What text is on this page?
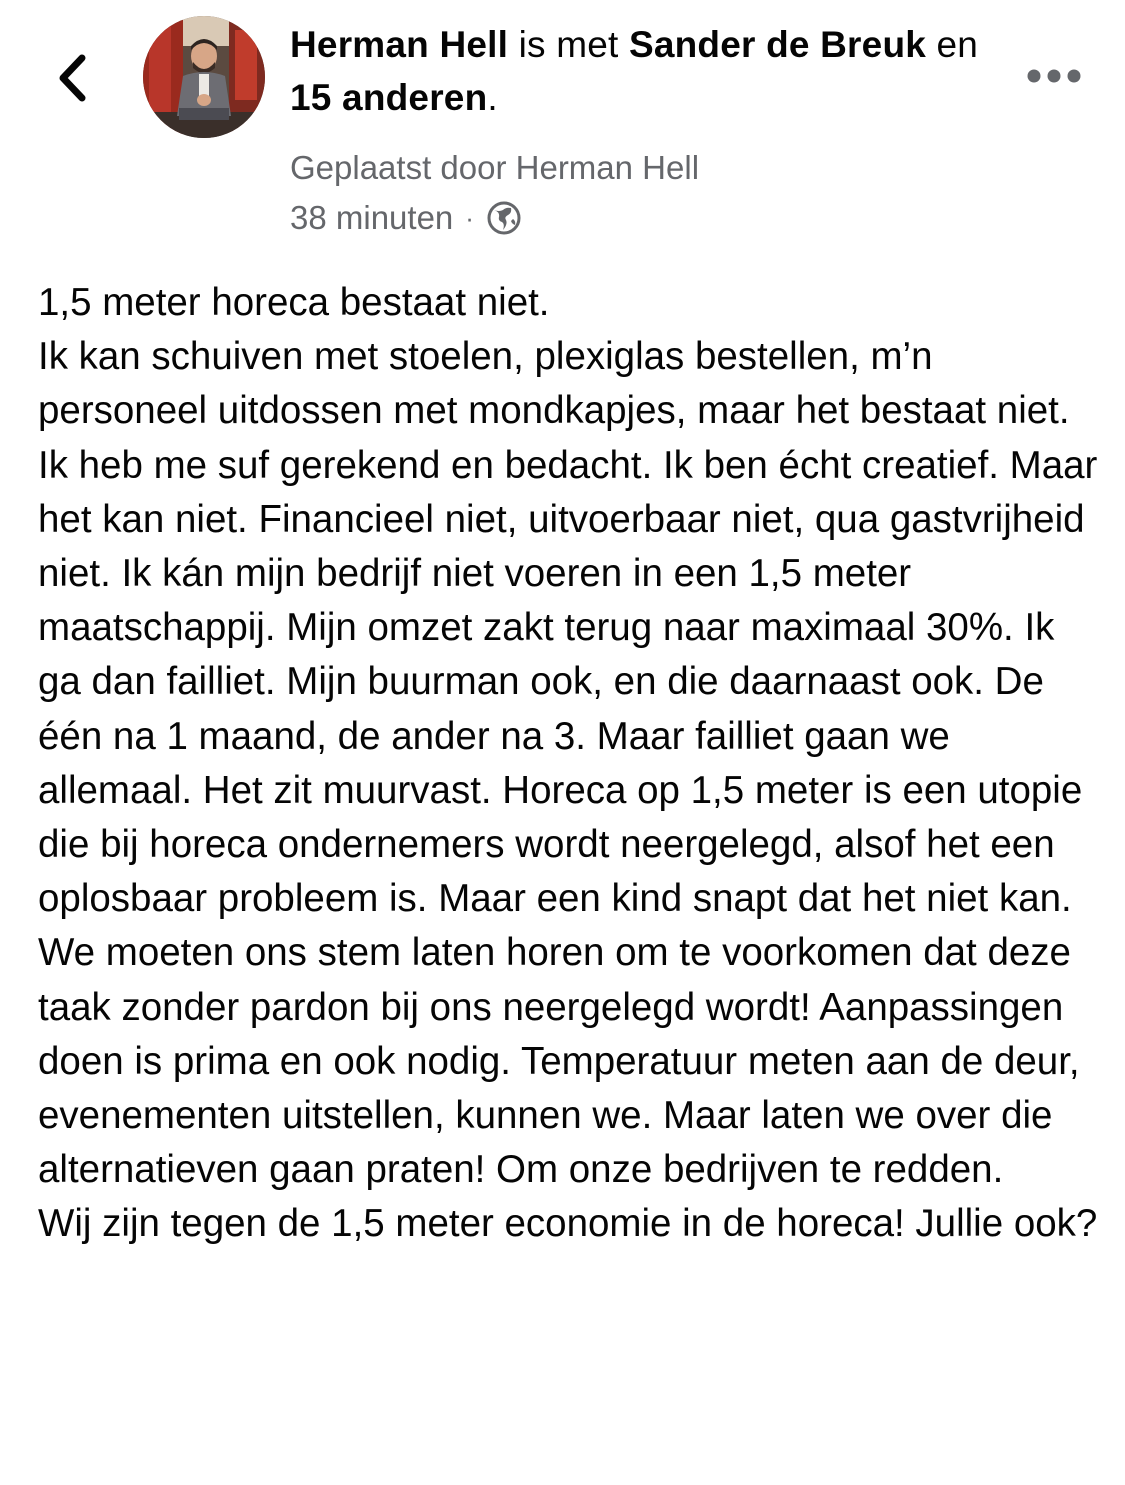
Herman Hell is met Sander de Breuk en 15 anderen.
Geplaatst door Herman Hell
38 minuten ·

1,5 meter horeca bestaat niet.

Ik kan schuiven met stoelen, plexiglas bestellen, m’n personeel uitdossen met mondkapjes, maar het bestaat niet. Ik heb me suf gerekend en bedacht. Ik ben écht creatief. Maar het kan niet. Financieel niet, uitvoerbaar niet, qua gastvrijheid niet. Ik kán mijn bedrijf niet voeren in een 1,5 meter maatschappij. Mijn omzet zakt terug naar maximaal 30%. Ik ga dan failliet. Mijn buurman ook, en die daarnaast ook. De één na 1 maand, de ander na 3. Maar failliet gaan we allemaal. Het zit muurvast. Horeca op 1,5 meter is een utopie die bij horeca ondernemers wordt neergelegd, alsof het een oplosbaar probleem is. Maar een kind snapt dat het niet kan. We moeten ons stem laten horen om te voorkomen dat deze taak zonder pardon bij ons neergelegd wordt! Aanpassingen doen is prima en ook nodig. Temperatuur meten aan de deur, evenementen uitstellen, kunnen we. Maar laten we over die alternatieven gaan praten! Om onze bedrijven te redden.

Wij zijn tegen de 1,5 meter economie in de horeca! Jullie ook?
